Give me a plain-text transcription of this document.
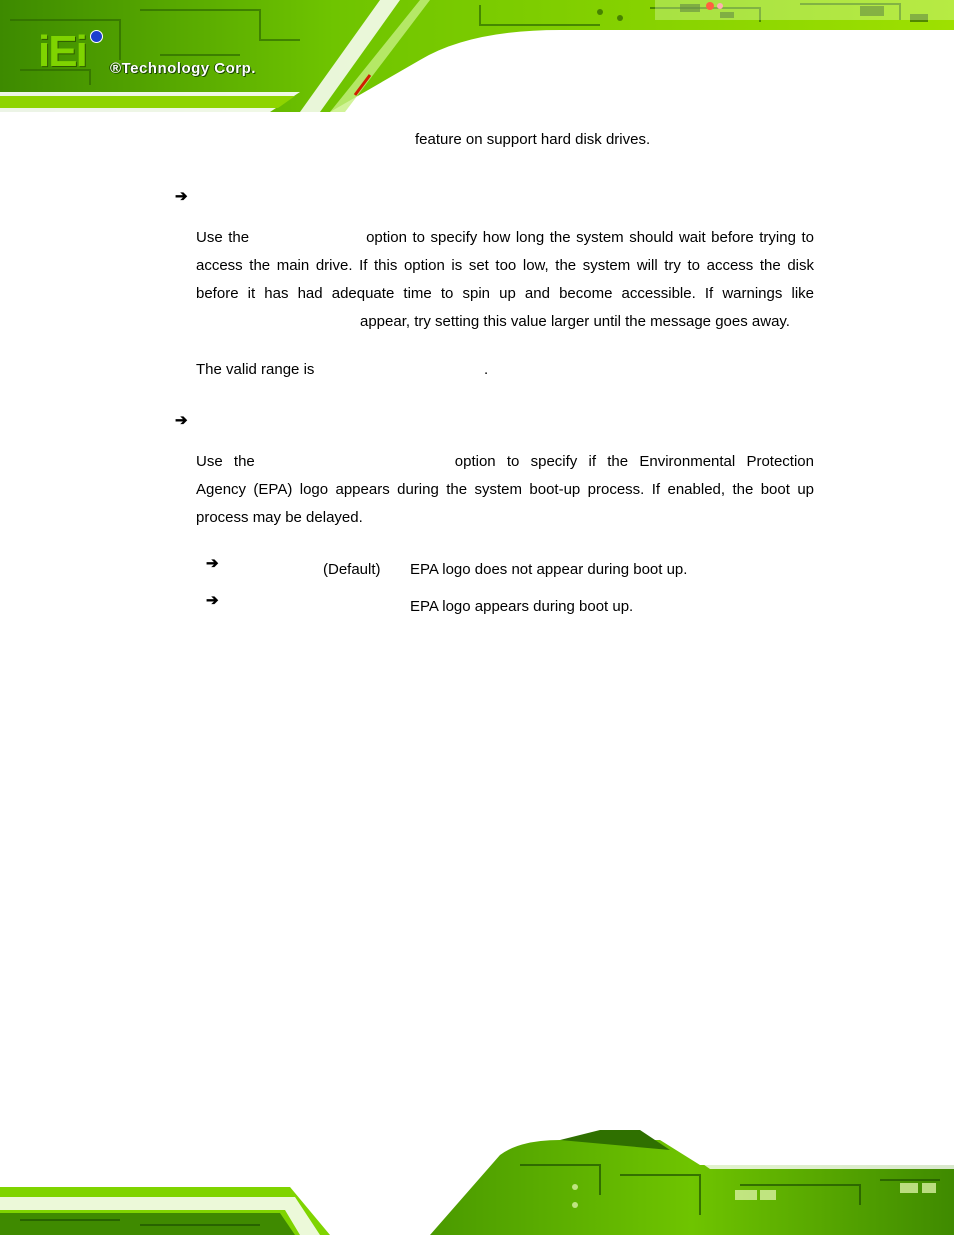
iEi ®Technology Corp.
feature on support hard disk drives.
➔
Use the	option to specify how long the system should wait before trying to
access the main drive. If this option is set too low, the system will try to access the disk
before it has had adequate time to spin up and become accessible. If warnings like
appear, try setting this value larger until the message goes away.
The valid range is	.
➔
Use the	option to specify if the Environmental Protection
Agency (EPA) logo appears during the system boot-up process. If enabled, the boot up
process may be delayed.
➔	(Default) EPA logo does not appear during boot up.
➔	EPA logo appears during boot up.
